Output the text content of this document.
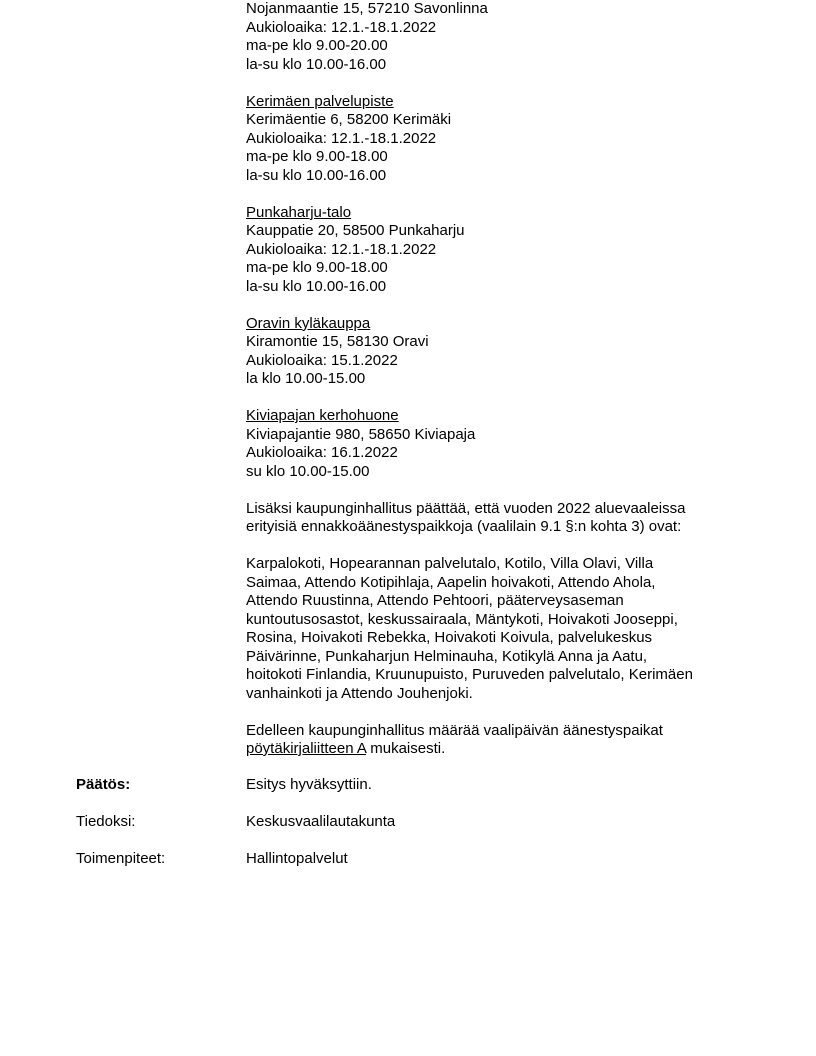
Nojanmaantie 15, 57210 Savonlinna
Aukioloaika: 12.1.-18.1.2022
ma-pe klo 9.00-20.00
la-su klo 10.00-16.00
Kerimäen palvelupiste
Kerimäentie 6, 58200 Kerimäki
Aukioloaika: 12.1.-18.1.2022
ma-pe klo 9.00-18.00
la-su klo 10.00-16.00
Punkaharju-talo
Kauppatie 20, 58500 Punkaharju
Aukioloaika: 12.1.-18.1.2022
ma-pe klo 9.00-18.00
la-su klo 10.00-16.00
Oravin kyläkauppa
Kiramontie 15, 58130 Oravi
Aukioloaika: 15.1.2022
la klo 10.00-15.00
Kiviapajan kerhohuone
Kiviapajantie 980, 58650 Kiviapaja
Aukioloaika: 16.1.2022
su klo 10.00-15.00
Lisäksi kaupunginhallitus päättää, että vuoden 2022 aluevaaleissa
erityisiä ennakkoäänestyspaikkoja (vaalilain 9.1 §:n kohta 3) ovat:
Karpalokoti, Hopearannan palvelutalo, Kotilo, Villa Olavi, Villa
Saimaa, Attendo Kotipihlaja, Aapelin hoivakoti, Attendo Ahola,
Attendo Ruustinna, Attendo Pehtoori, pääterveysaseman
kuntoutusosastot, keskussairaala, Mäntykoti, Hoivakoti Jooseppi,
Rosina, Hoivakoti Rebekka, Hoivakoti Koivula, palvelukeskus
Päivärinne, Punkaharjun Helminauha, Kotikylä Anna ja Aatu,
hoitokoti Finlandia, Kruunupuisto, Puruveden palvelutalo, Kerimäen
vanhainkoti ja Attendo Jouhenjoki.
Edelleen kaupunginhallitus määrää vaalipäivän äänestyspaikat
pöytäkirjaliitteen A mukaisesti.
Päätös:	Esitys hyväksyttiin.
Tiedoksi:	Keskusvaalilautakunta
Toimenpiteet:	Hallintopalvelut
